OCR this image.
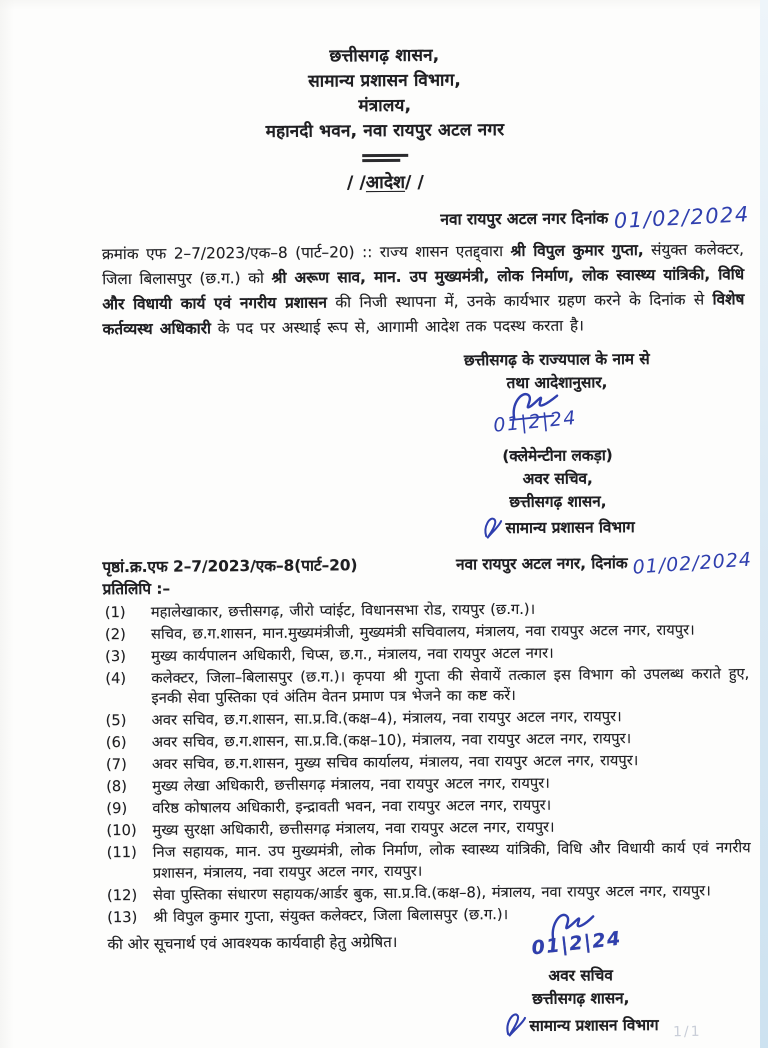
छत्तीसगढ़ शासन,
सामान्य प्रशासन विभाग,
मंत्रालय,
महानदी भवन, नवा रायपुर अटल नगर
/ /आदेश/ /
नवा रायपुर अटल नगर दिनांक 01/02/2024
क्रमांक एफ 2–7/2023/एक–8 (पार्ट–20) :: राज्य शासन एतद्द्वारा श्री विपुल कुमार गुप्ता, संयुक्त कलेक्टर, जिला बिलासपुर (छ.ग.) को श्री अरूण साव, मान. उप मुख्यमंत्री, लोक निर्माण, लोक स्वास्थ्य यांत्रिकी, विधि और विधायी कार्य एवं नगरीय प्रशासन की निजी स्थापना में, उनके कार्यभार ग्रहण करने के दिनांक से विशेष कर्तव्यस्थ अधिकारी के पद पर अस्थाई रूप से, आगामी आदेश तक पदस्थ करता है।
छत्तीसगढ़ के राज्यपाल के नाम से
तथा आदेशानुसार,
01|2|24
(क्लेमेन्टीना लकड़ा)
अवर सचिव,
छत्तीसगढ़ शासन,
सामान्य प्रशासन विभाग
पृष्ठां.क्र.एफ 2–7/2023/एक–8(पार्ट–20)	नवा रायपुर अटल नगर, दिनांक 01/02/2024
प्रतिलिपि :–
(1)	महालेखाकार, छत्तीसगढ़, जीरो प्वांईट, विधानसभा रोड, रायपुर (छ.ग.)।
(2)	सचिव, छ.ग.शासन, मान.मुख्यमंत्रीजी, मुख्यमंत्री सचिवालय, मंत्रालय, नवा रायपुर अटल नगर, रायपुर।
(3)	मुख्य कार्यपालन अधिकारी, चिप्स, छ.ग., मंत्रालय, नवा रायपुर अटल नगर।
(4)	कलेक्टर, जिला–बिलासपुर (छ.ग.)। कृपया श्री गुप्ता की सेवायें तत्काल इस विभाग को उपलब्ध कराते हुए, इनकी सेवा पुस्तिका एवं अंतिम वेतन प्रमाण पत्र भेजने का कष्ट करें।
(5)	अवर सचिव, छ.ग.शासन, सा.प्र.वि.(कक्ष–4), मंत्रालय, नवा रायपुर अटल नगर, रायपुर।
(6)	अवर सचिव, छ.ग.शासन, सा.प्र.वि.(कक्ष–10), मंत्रालय, नवा रायपुर अटल नगर, रायपुर।
(7)	अवर सचिव, छ.ग.शासन, मुख्य सचिव कार्यालय, मंत्रालय, नवा रायपुर अटल नगर, रायपुर।
(8)	मुख्य लेखा अधिकारी, छत्तीसगढ़ मंत्रालय, नवा रायपुर अटल नगर, रायपुर।
(9)	वरिष्ठ कोषालय अधिकारी, इन्द्रावती भवन, नवा रायपुर अटल नगर, रायपुर।
(10)	मुख्य सुरक्षा अधिकारी, छत्तीसगढ़ मंत्रालय, नवा रायपुर अटल नगर, रायपुर।
(11)	निज सहायक, मान. उप मुख्यमंत्री, लोक निर्माण, लोक स्वास्थ्य यांत्रिकी, विधि और विधायी कार्य एवं नगरीय प्रशासन, मंत्रालय, नवा रायपुर अटल नगर, रायपुर।
(12)	सेवा पुस्तिका संधारण सहायक/आर्डर बुक, सा.प्र.वि.(कक्ष–8), मंत्रालय, नवा रायपुर अटल नगर, रायपुर।
(13)	श्री विपुल कुमार गुप्ता, संयुक्त कलेक्टर, जिला बिलासपुर (छ.ग.)।
की ओर सूचनार्थ एवं आवश्यक कार्यवाही हेतु अग्रेषित।	01|2|24
अवर सचिव
छत्तीसगढ़ शासन,
सामान्य प्रशासन विभाग	1/1
